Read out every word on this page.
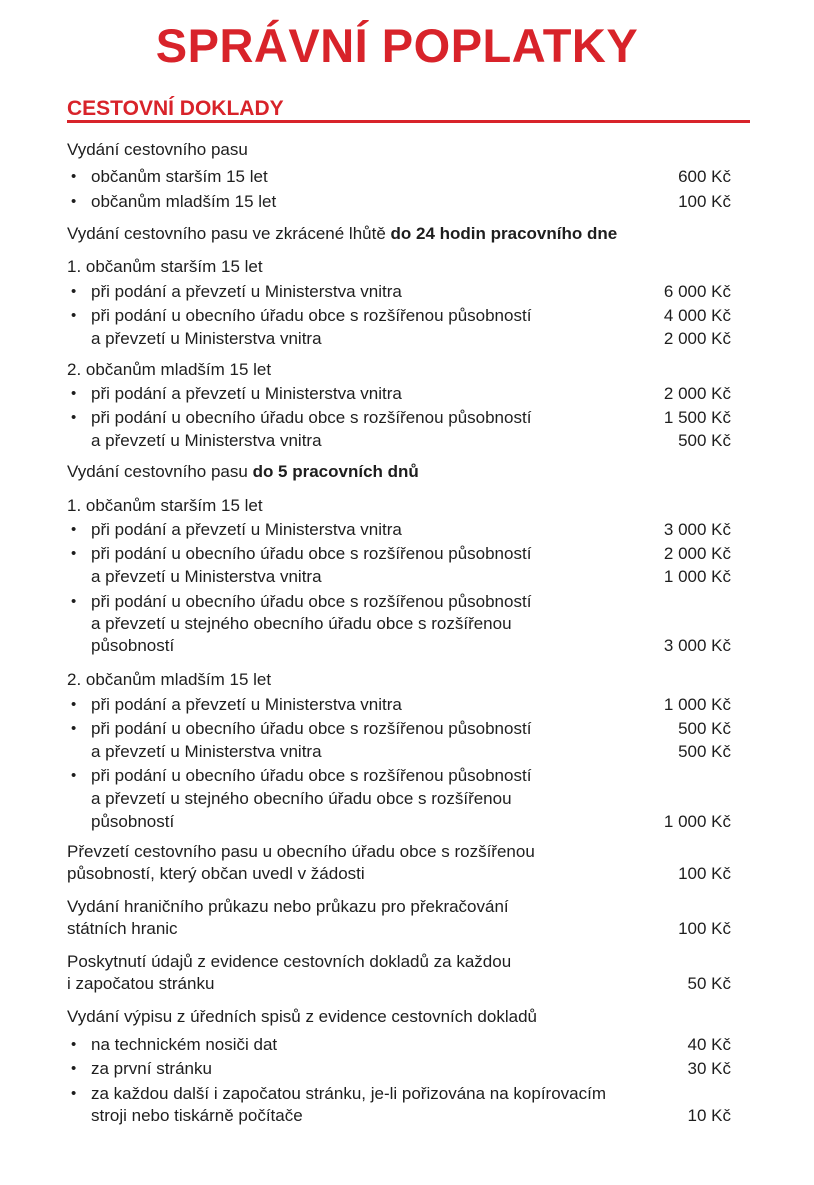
SPRÁVNÍ POPLATKY
CESTOVNÍ DOKLADY
Vydání cestovního pasu
• občanům starším 15 let	600 Kč
• občanům mladším 15 let	100 Kč
Vydání cestovního pasu ve zkrácené lhůtě do 24 hodin pracovního dne
1. občanům starším 15 let
• při podání a převzetí u Ministerstva vnitra	6 000 Kč
• při podání u obecního úřadu obce s rozšířenou působností	4 000 Kč
a převzetí u Ministerstva vnitra	2 000 Kč
2. občanům mladším 15 let
• při podání a převzetí u Ministerstva vnitra	2 000 Kč
• při podání u obecního úřadu obce s rozšířenou působností	1 500 Kč
a převzetí u Ministerstva vnitra	500 Kč
Vydání cestovního pasu do 5 pracovních dnů
1. občanům starším 15 let
• při podání a převzetí u Ministerstva vnitra	3 000 Kč
• při podání u obecního úřadu obce s rozšířenou působností	2 000 Kč
a převzetí u Ministerstva vnitra	1 000 Kč
• při podání u obecního úřadu obce s rozšířenou působností
a převzetí u stejného obecního úřadu obce s rozšířenou
působností	3 000 Kč
2. občanům mladším 15 let
• při podání a převzetí u Ministerstva vnitra	1 000 Kč
• při podání u obecního úřadu obce s rozšířenou působností	500 Kč
a převzetí u Ministerstva vnitra	500 Kč
• při podání u obecního úřadu obce s rozšířenou působností
a převzetí u stejného obecního úřadu obce s rozšířenou
působností	1 000 Kč
Převzetí cestovního pasu u obecního úřadu obce s rozšířenou
působností, který občan uvedl v žádosti	100 Kč
Vydání hraničního průkazu nebo průkazu pro překračování
státních hranic	100 Kč
Poskytnutí údajů z evidence cestovních dokladů za každou
i započatou stránku	50 Kč
Vydání výpisu z úředních spisů z evidence cestovních dokladů
• na technickém nosiči dat	40 Kč
• za první stránku	30 Kč
• za každou další i započatou stránku, je-li pořizována na kopírovacím
stroji nebo tiskárně počítače	10 Kč
